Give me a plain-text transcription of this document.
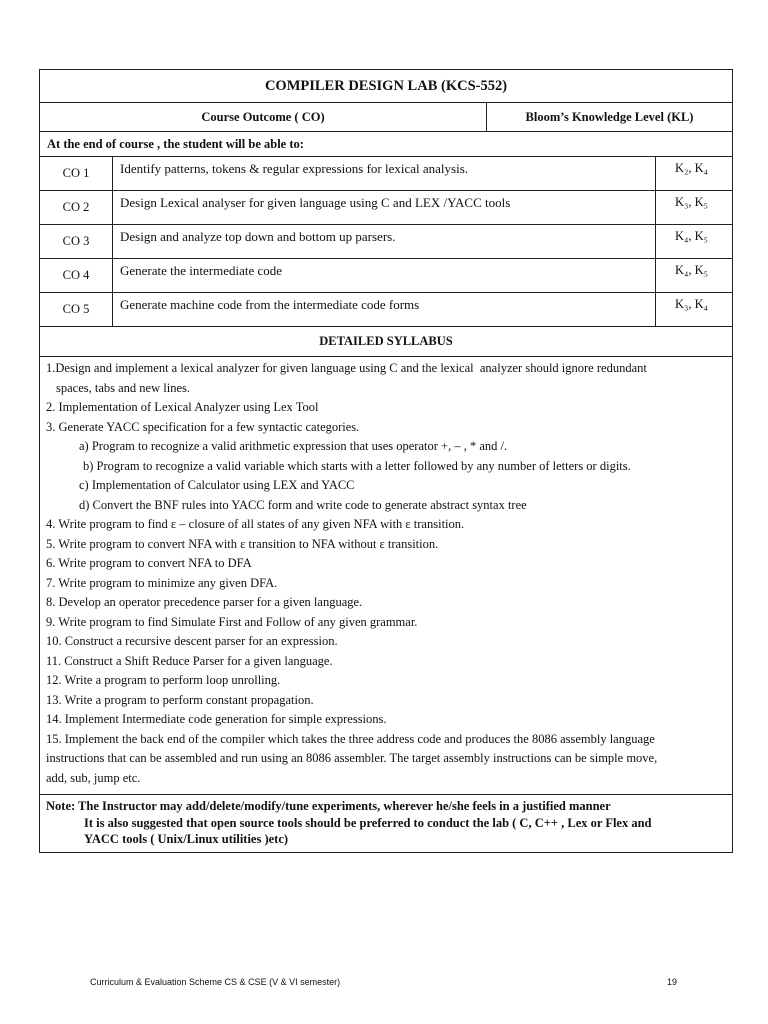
COMPILER DESIGN LAB (KCS-552)
Course Outcome ( CO)	Bloom’s Knowledge Level (KL)
At the end of course , the student will be able to:
CO 1	Identify patterns, tokens & regular expressions for lexical analysis.	K₂, K₄
CO 2	Design Lexical analyser for given language using C and LEX /YACC tools	K₃, K₅
CO 3	Design and analyze top down and bottom up parsers.	K₄, K₅
CO 4	Generate the intermediate code	K₄, K₅
CO 5	Generate machine code from the intermediate code forms	K₃, K₄
DETAILED SYLLABUS
1.Design and implement a lexical analyzer for given language using C and the lexical  analyzer should ignore redundant
spaces, tabs and new lines.
2. Implementation of Lexical Analyzer using Lex Tool
3. Generate YACC specification for a few syntactic categories.
a) Program to recognize a valid arithmetic expression that uses operator +, – , * and /.
b) Program to recognize a valid variable which starts with a letter followed by any number of letters or digits.
c) Implementation of Calculator using LEX and YACC
d) Convert the BNF rules into YACC form and write code to generate abstract syntax tree
4. Write program to find ε – closure of all states of any given NFA with ε transition.
5. Write program to convert NFA with ε transition to NFA without ε transition.
6. Write program to convert NFA to DFA
7. Write program to minimize any given DFA.
8. Develop an operator precedence parser for a given language.
9. Write program to find Simulate First and Follow of any given grammar.
10. Construct a recursive descent parser for an expression.
11. Construct a Shift Reduce Parser for a given language.
12. Write a program to perform loop unrolling.
13. Write a program to perform constant propagation.
14. Implement Intermediate code generation for simple expressions.
15. Implement the back end of the compiler which takes the three address code and produces the 8086 assembly language
instructions that can be assembled and run using an 8086 assembler. The target assembly instructions can be simple move,
add, sub, jump etc.
Note: The Instructor may add/delete/modify/tune experiments, wherever he/she feels in a justified manner
It is also suggested that open source tools should be preferred to conduct the lab ( C, C++ , Lex or Flex and
YACC tools ( Unix/Linux utilities )etc)
Curriculum & Evaluation Scheme CS & CSE (V & VI semester)	19
